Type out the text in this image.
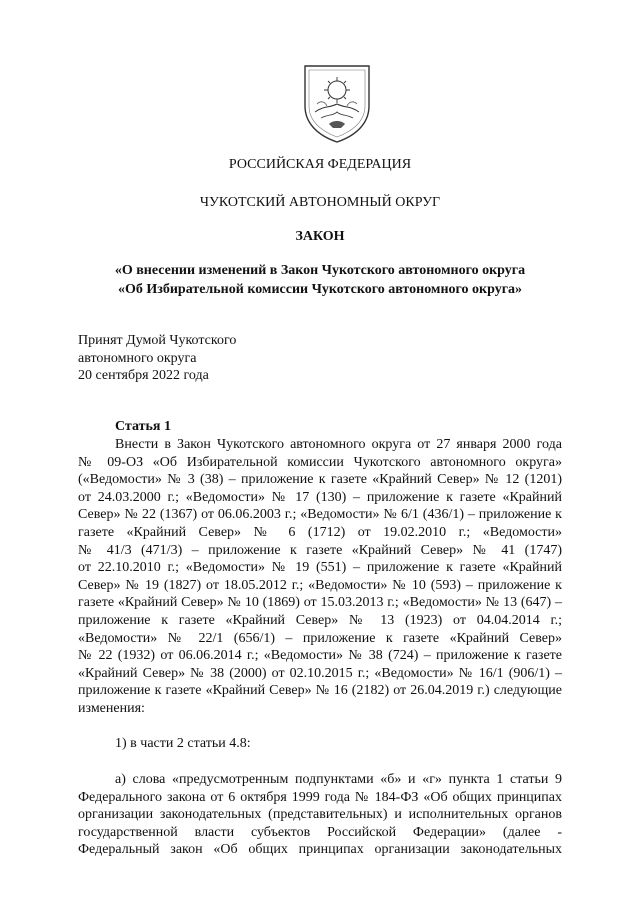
РОССИЙСКАЯ ФЕДЕРАЦИЯ
ЧУКОТСКИЙ АВТОНОМНЫЙ ОКРУГ
ЗАКОН
«О внесении изменений в Закон Чукотского автономного округа
«Об Избирательной комиссии Чукотского автономного округа»
Принят Думой Чукотского
автономного округа
20 сентября 2022 года
Статья 1
Внести в Закон Чукотского автономного округа от 27 января 2000 года
№ 09-ОЗ «Об Избирательной комиссии Чукотского автономного округа»
(«Ведомости» № 3 (38) – приложение к газете «Крайний Север» № 12 (1201)
от 24.03.2000 г.; «Ведомости» № 17 (130) – приложение к газете «Крайний
Север» № 22 (1367) от 06.06.2003 г.; «Ведомости» № 6/1 (436/1) – приложение к
газете «Крайний Север» № 6 (1712) от 19.02.2010 г.; «Ведомости»
№ 41/3 (471/3) – приложение к газете «Крайний Север» № 41 (1747)
от 22.10.2010 г.; «Ведомости» № 19 (551) – приложение к газете «Крайний
Север» № 19 (1827) от 18.05.2012 г.; «Ведомости» № 10 (593) – приложение к
газете «Крайний Север» № 10 (1869) от 15.03.2013 г.; «Ведомости» № 13 (647) –
приложение к газете «Крайний Север» № 13 (1923) от 04.04.2014 г.;
«Ведомости» № 22/1 (656/1) – приложение к газете «Крайний Север»
№ 22 (1932) от 06.06.2014 г.; «Ведомости» № 38 (724) – приложение к газете
«Крайний Север» № 38 (2000) от 02.10.2015 г.; «Ведомости» № 16/1 (906/1) –
приложение к газете «Крайний Север» № 16 (2182) от 26.04.2019 г.) следующие
изменения:
1) в части 2 статьи 4.8:
а) слова «предусмотренным подпунктами «б» и «г» пункта 1 статьи 9
Федерального закона от 6 октября 1999 года № 184-ФЗ «Об общих принципах
организации законодательных (представительных) и исполнительных органов
государственной власти субъектов Российской Федерации» (далее -
Федеральный закон «Об общих принципах организации законодательных
